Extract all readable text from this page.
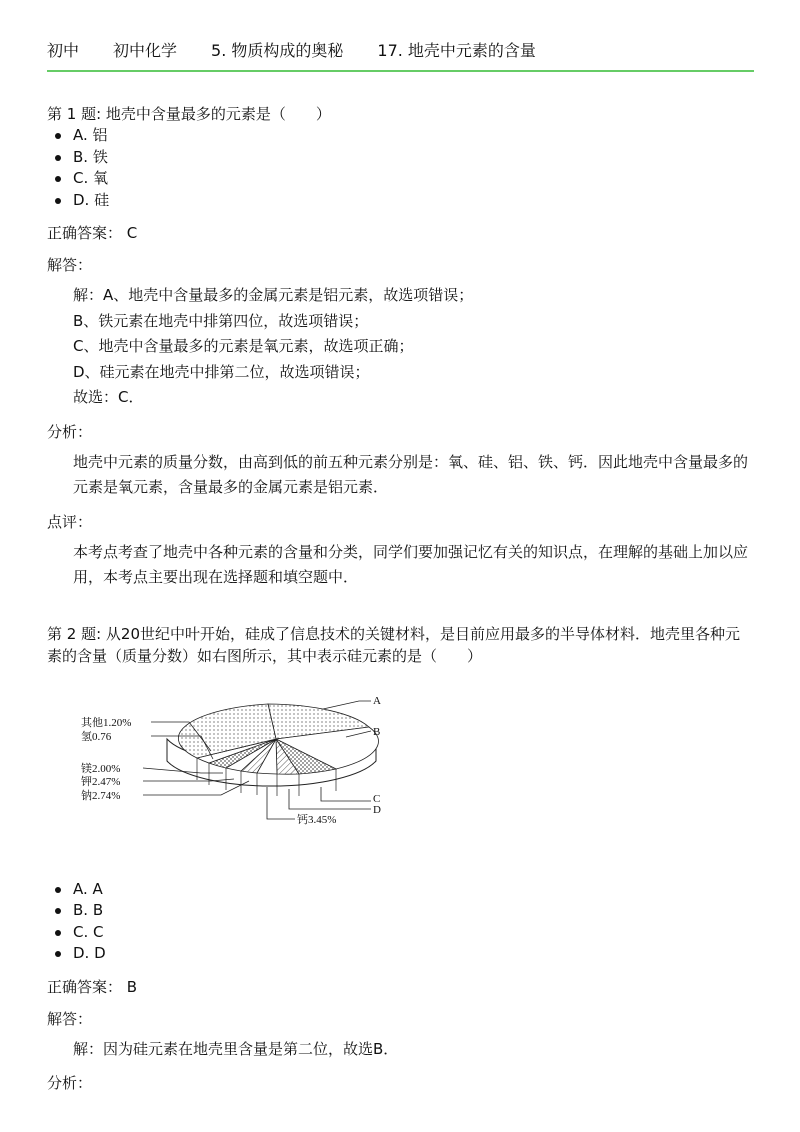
初中 初中化学 5. 物质构成的奥秘 17. 地壳中元素的含量

第 1 题: 地壳中含量最多的元素是（　　）

A. 铝
B. 铁
C. 氧
D. 硅
正确答案： C
解答：

解：A、地壳中含量最多的金属元素是铝元素，故选项错误；

B、铁元素在地壳中排第四位，故选项错误；

C、地壳中含量最多的元素是氧元素，故选项正确；

D、硅元素在地壳中排第二位，故选项错误；

故选：C．

分析：

地壳中元素的质量分数，由高到低的前五种元素分别是：氧、硅、铝、铁、钙．因此地壳中含量最多的元素是氧元素，含量最多的金属元素是铝元素．

点评：

本考点考查了地壳中各种元素的含量和分类，同学们要加强记忆有关的知识点，在理解的基础上加以应用，本考点主要出现在选择题和填空题中．

第 2 题: 从20世纪中叶开始，硅成了信息技术的关键材料，是目前应用最多的半导体材料．地壳里各种元素的含量（质量分数）如右图所示，其中表示硅元素的是（　　）

其他1.20%
氢0.76
镁2.00%
钾2.47%
钠2.74%
A
B
C
D
钙3.45%
A. A
B. B
C. C
D. D
正确答案： B
解答：

解：因为硅元素在地壳里含量是第二位，故选B．

分析：
